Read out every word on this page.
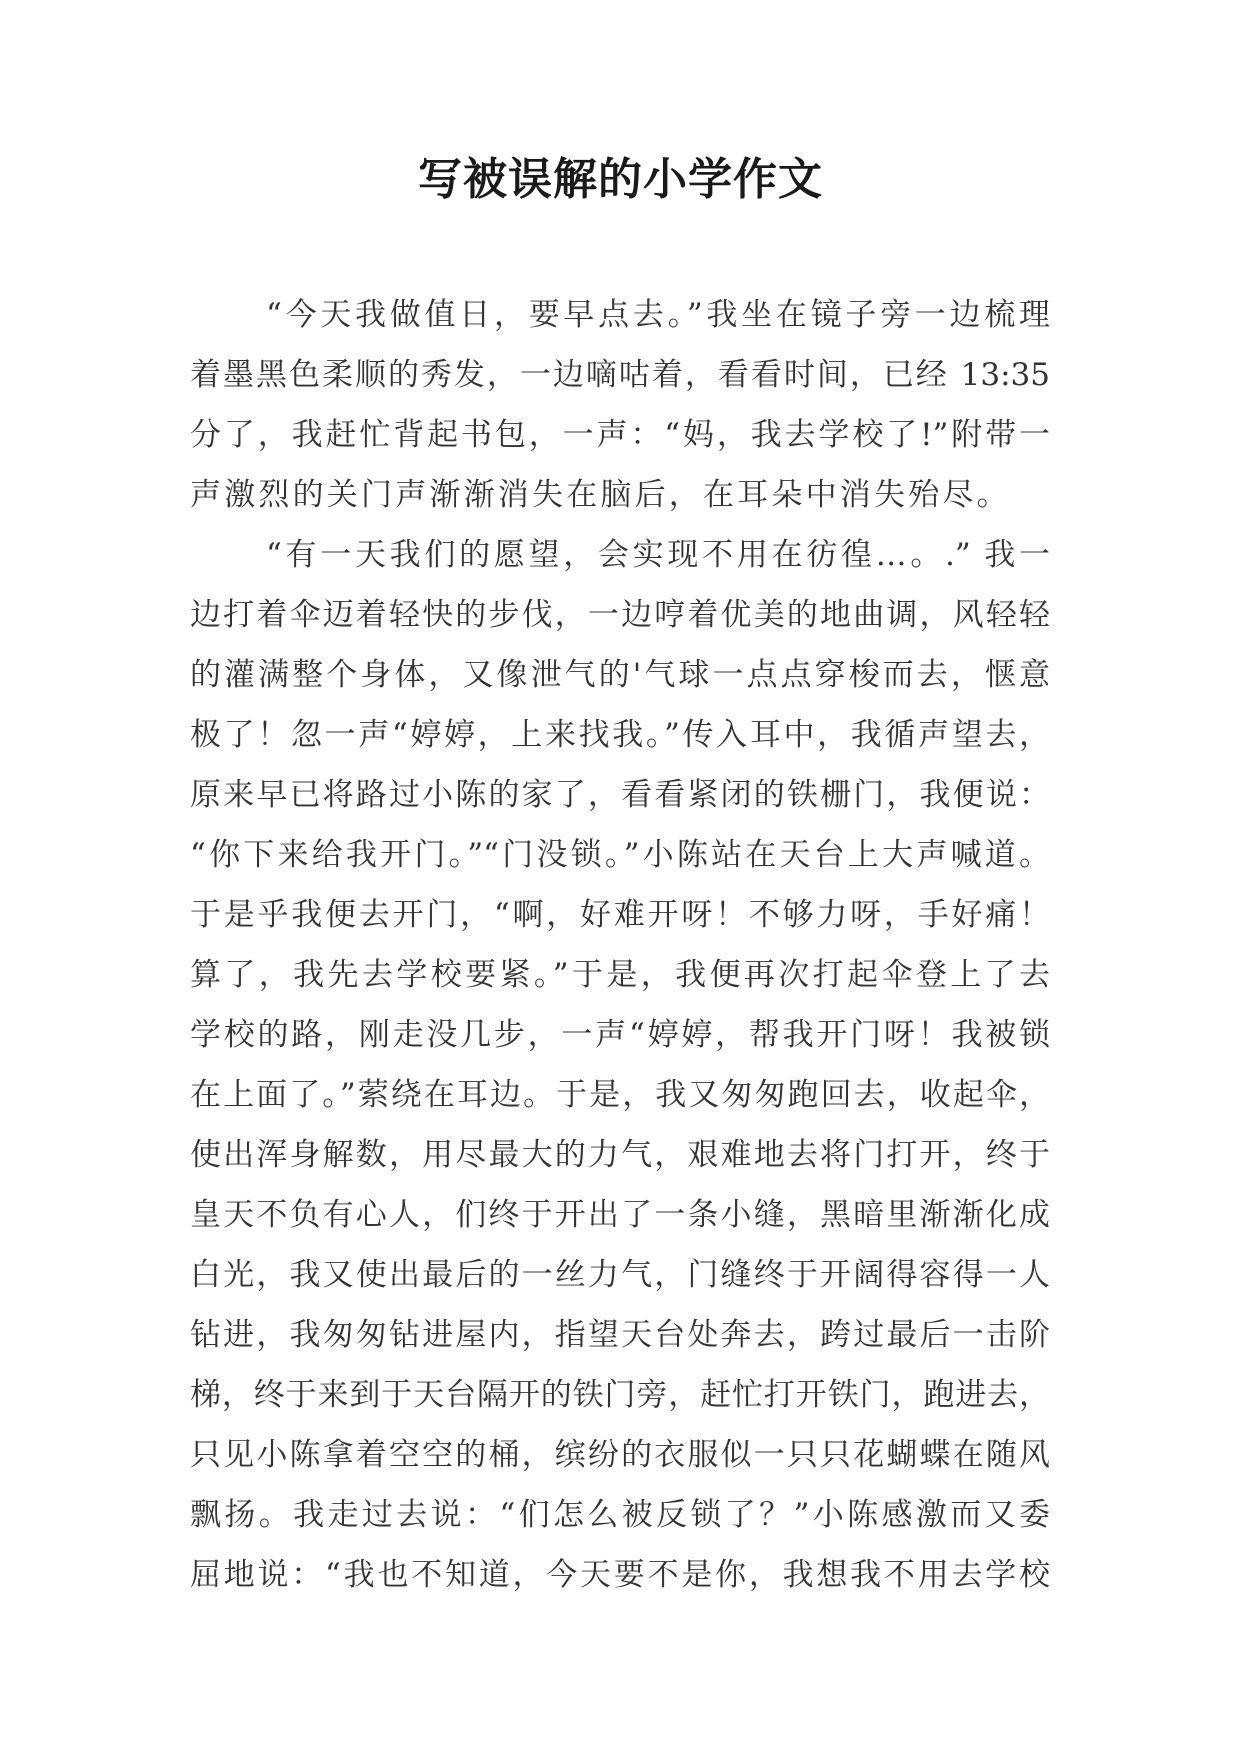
写被误解的小学作文
“今天我做值日，要早点去。”我坐在镜子旁一边梳理
着墨黑色柔顺的秀发，一边嘀咕着，看看时间，已经 13:35
分了，我赶忙背起书包，一声：“妈，我去学校了!”附带一
声激烈的关门声渐渐消失在脑后，在耳朵中消失殆尽。
“有一天我们的愿望，会实现不用在彷徨…。.” 我一
边打着伞迈着轻快的步伐，一边哼着优美的地曲调，风轻轻
的灌满整个身体，又像泄气的'气球一点点穿梭而去，惬意
极了！忽一声“婷婷，上来找我。”传入耳中，我循声望去，
原来早已将路过小陈的家了，看看紧闭的铁栅门，我便说：
“你下来给我开门。”“门没锁。”小陈站在天台上大声喊道。
于是乎我便去开门，“啊，好难开呀！不够力呀，手好痛！
算了，我先去学校要紧。”于是，我便再次打起伞登上了去
学校的路，刚走没几步，一声“婷婷，帮我开门呀！我被锁
在上面了。”萦绕在耳边。于是，我又匆匆跑回去，收起伞，
使出浑身解数，用尽最大的力气，艰难地去将门打开，终于
皇天不负有心人，们终于开出了一条小缝，黑暗里渐渐化成
白光，我又使出最后的一丝力气，门缝终于开阔得容得一人
钻进，我匆匆钻进屋内，指望天台处奔去，跨过最后一击阶
梯，终于来到于天台隔开的铁门旁，赶忙打开铁门，跑进去，
只见小陈拿着空空的桶，缤纷的衣服似一只只花蝴蝶在随风
飘扬。我走过去说：“们怎么被反锁了？”小陈感激而又委
屈地说：“我也不知道，今天要不是你，我想我不用去学校
